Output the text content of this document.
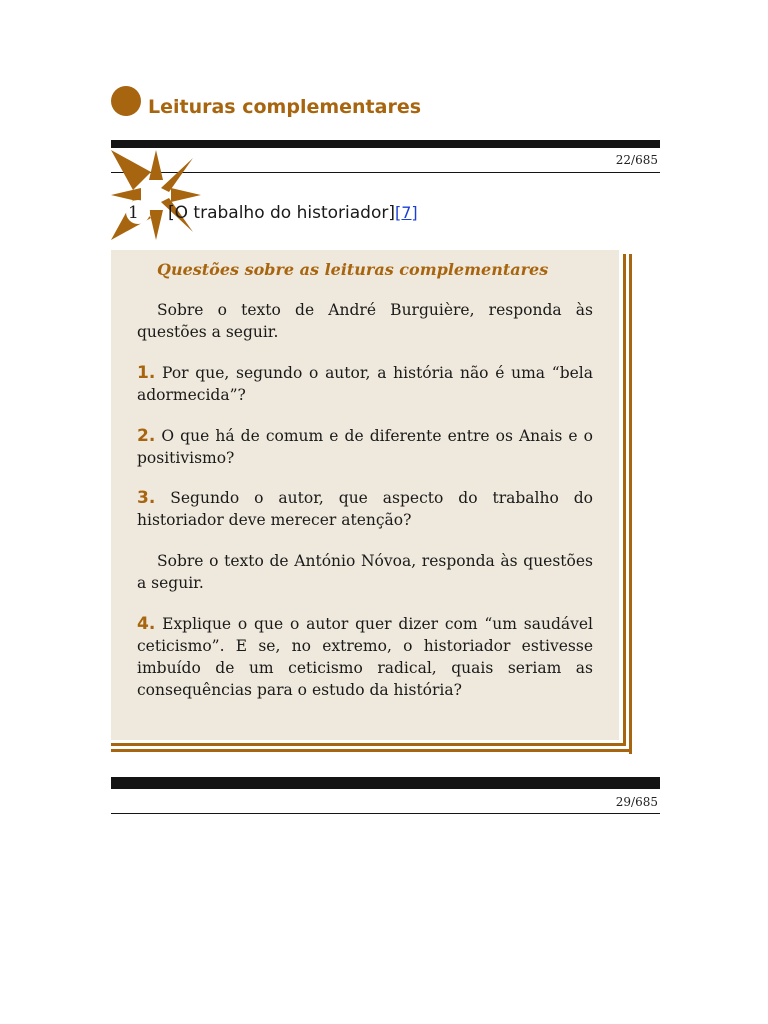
Leituras complementares
22/685
1 [O trabalho do historiador][7]
Questões sobre as leituras complementares

Sobre o texto de André Burguière, responda às questões a seguir.

1. Por que, segundo o autor, a história não é uma “bela adormecida”?

2. O que há de comum e de diferente entre os Anais e o positivismo?

3. Segundo o autor, que aspecto do trabalho do historiador deve merecer atenção?

Sobre o texto de António Nóvoa, responda às questões a seguir.

4. Explique o que o autor quer dizer com “um saudável ceticismo”. E se, no extremo, o historiador estivesse imbuído de um ceticismo radical, quais seriam as consequências para o estudo da história?

29/685
